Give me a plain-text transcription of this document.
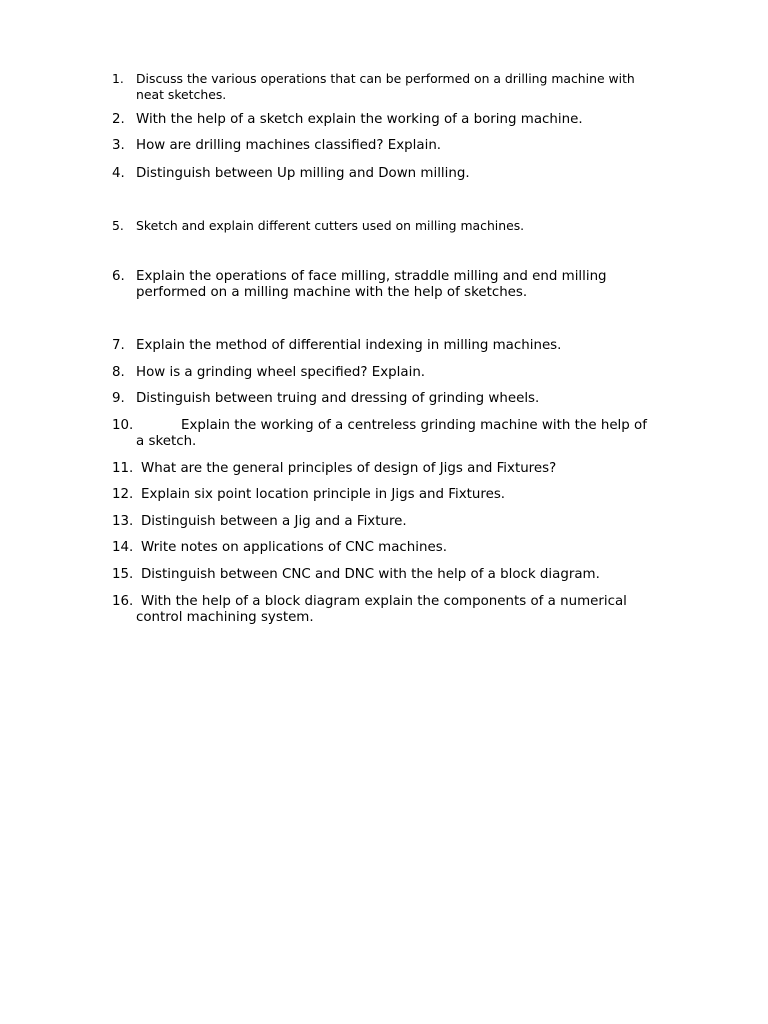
1. Discuss the various operations that can be performed on a drilling machine with
neat sketches.
2. With the help of a sketch explain the working of a boring machine.
3. How are drilling machines classified? Explain.
4. Distinguish between Up milling and Down milling.
5. Sketch and explain different cutters used on milling machines.
6. Explain the operations of face milling, straddle milling and end milling
performed on a milling machine with the help of sketches.
7. Explain the method of differential indexing in milling machines.
8. How is a grinding wheel specified? Explain.
9. Distinguish between truing and dressing of grinding wheels.
10.	Explain the working of a centreless grinding machine with the help of
a sketch.
11. What are the general principles of design of Jigs and Fixtures?
12. Explain six point location principle in Jigs and Fixtures.
13. Distinguish between a Jig and a Fixture.
14. Write notes on applications of CNC machines.
15. Distinguish between CNC and DNC with the help of a block diagram.
16. With the help of a block diagram explain the components of a numerical
control machining system.
